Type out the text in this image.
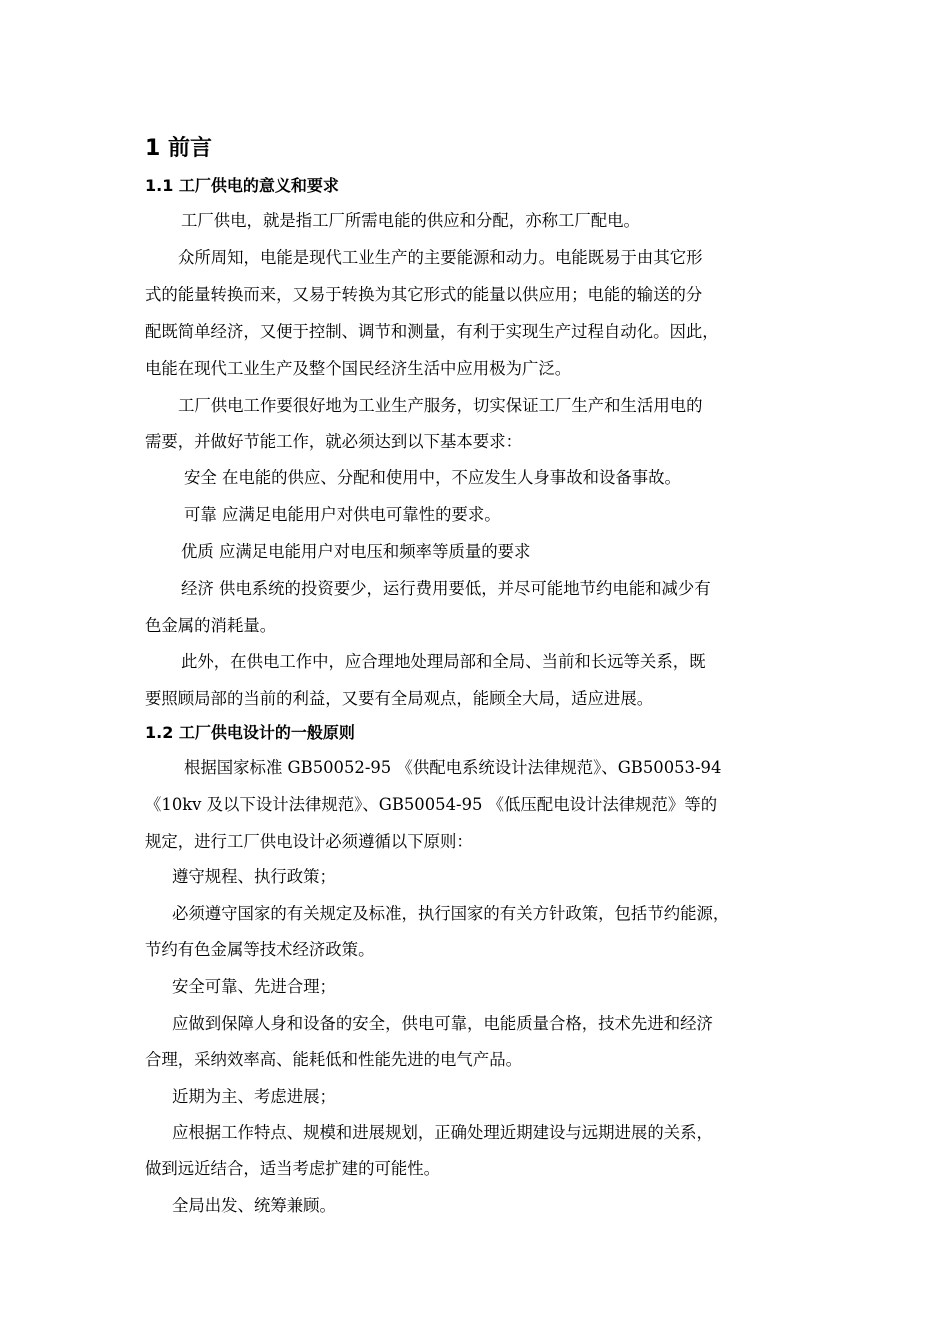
1 前言
1.1 工厂供电的意义和要求
工厂供电，就是指工厂所需电能的供应和分配，亦称工厂配电。
众所周知，电能是现代工业生产的主要能源和动力。电能既易于由其它形
式的能量转换而来，又易于转换为其它形式的能量以供应用；电能的输送的分
配既简单经济，又便于控制、调节和测量，有利于实现生产过程自动化。因此，
电能在现代工业生产及整个国民经济生活中应用极为广泛。
工厂供电工作要很好地为工业生产服务，切实保证工厂生产和生活用电的
需要，并做好节能工作，就必须达到以下基本要求：
安全 在电能的供应、分配和使用中，不应发生人身事故和设备事故。
可靠 应满足电能用户对供电可靠性的要求。
优质 应满足电能用户对电压和频率等质量的要求
经济 供电系统的投资要少，运行费用要低，并尽可能地节约电能和减少有
色金属的消耗量。
此外，在供电工作中，应合理地处理局部和全局、当前和长远等关系，既
要照顾局部的当前的利益，又要有全局观点，能顾全大局，适应进展。
1.2 工厂供电设计的一般原则
根据国家标准 GB50052-95 《供配电系统设计法律规范》、GB50053-94
《10kv 及以下设计法律规范》、GB50054-95 《低压配电设计法律规范》等的
规定，进行工厂供电设计必须遵循以下原则：
遵守规程、执行政策；
必须遵守国家的有关规定及标准，执行国家的有关方针政策，包括节约能源，
节约有色金属等技术经济政策。
安全可靠、先进合理；
应做到保障人身和设备的安全，供电可靠，电能质量合格，技术先进和经济
合理，采纳效率高、能耗低和性能先进的电气产品。
近期为主、考虑进展；
应根据工作特点、规模和进展规划，正确处理近期建设与远期进展的关系，
做到远近结合，适当考虑扩建的可能性。
全局出发、统筹兼顾。
